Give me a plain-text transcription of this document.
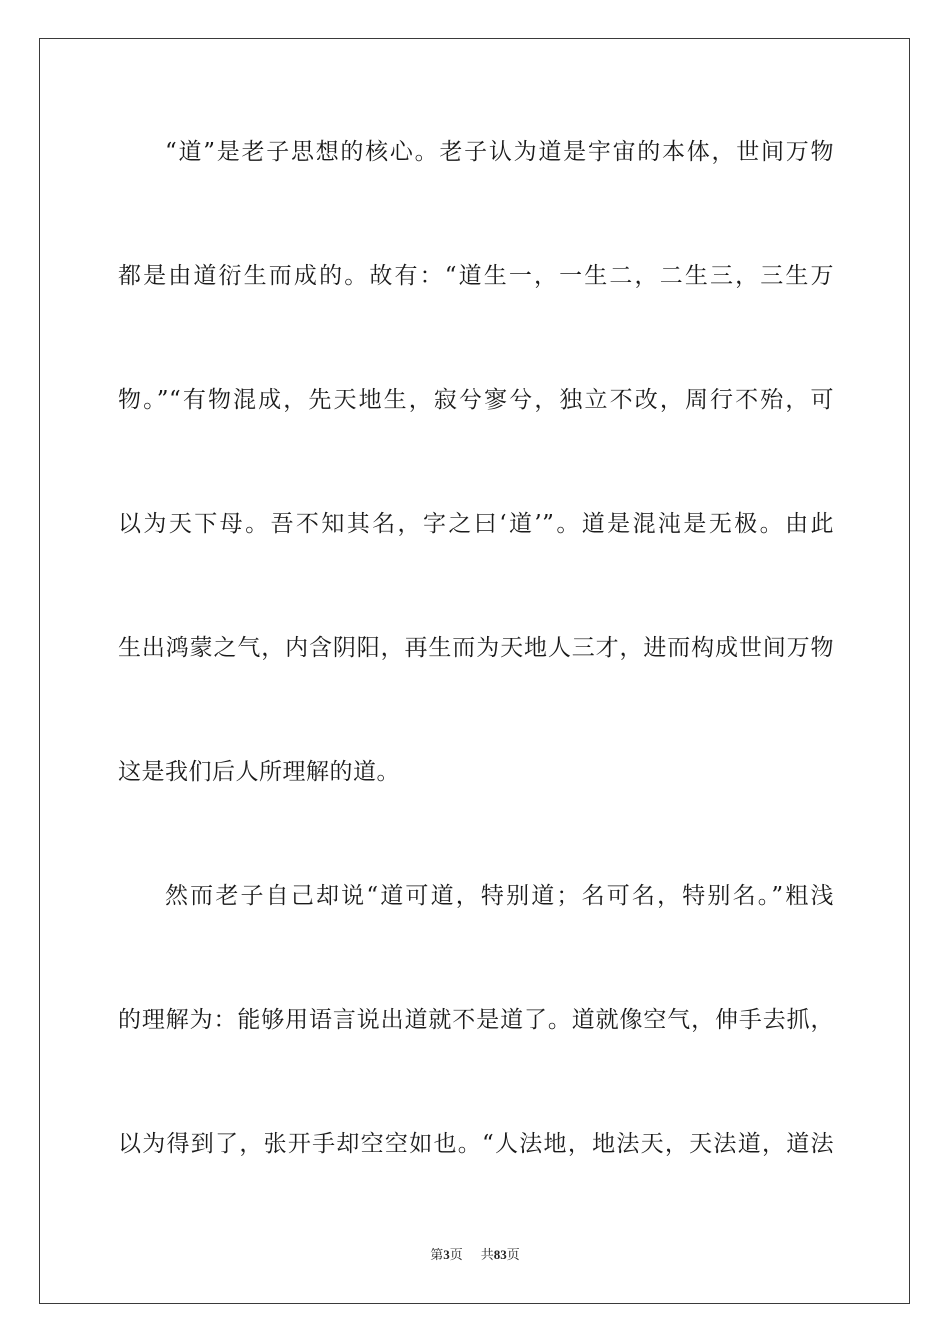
“道”是老子思想的核心。老子认为道是宇宙的本体，世间万物
都是由道衍生而成的。故有：“道生一，一生二，二生三，三生万
物。”“有物混成，先天地生，寂兮寥兮，独立不改，周行不殆，可
以为天下母。吾不知其名，字之曰‘道’”。道是混沌是无极。由此
生出鸿蒙之气，内含阴阳，再生而为天地人三才，进而构成世间万物
这是我们后人所理解的道。
然而老子自己却说“道可道，特别道；名可名，特别名。”粗浅
的理解为：能够用语言说出道就不是道了。道就像空气，伸手去抓，
以为得到了，张开手却空空如也。“人法地，地法天，天法道，道法
第3页 共83页
